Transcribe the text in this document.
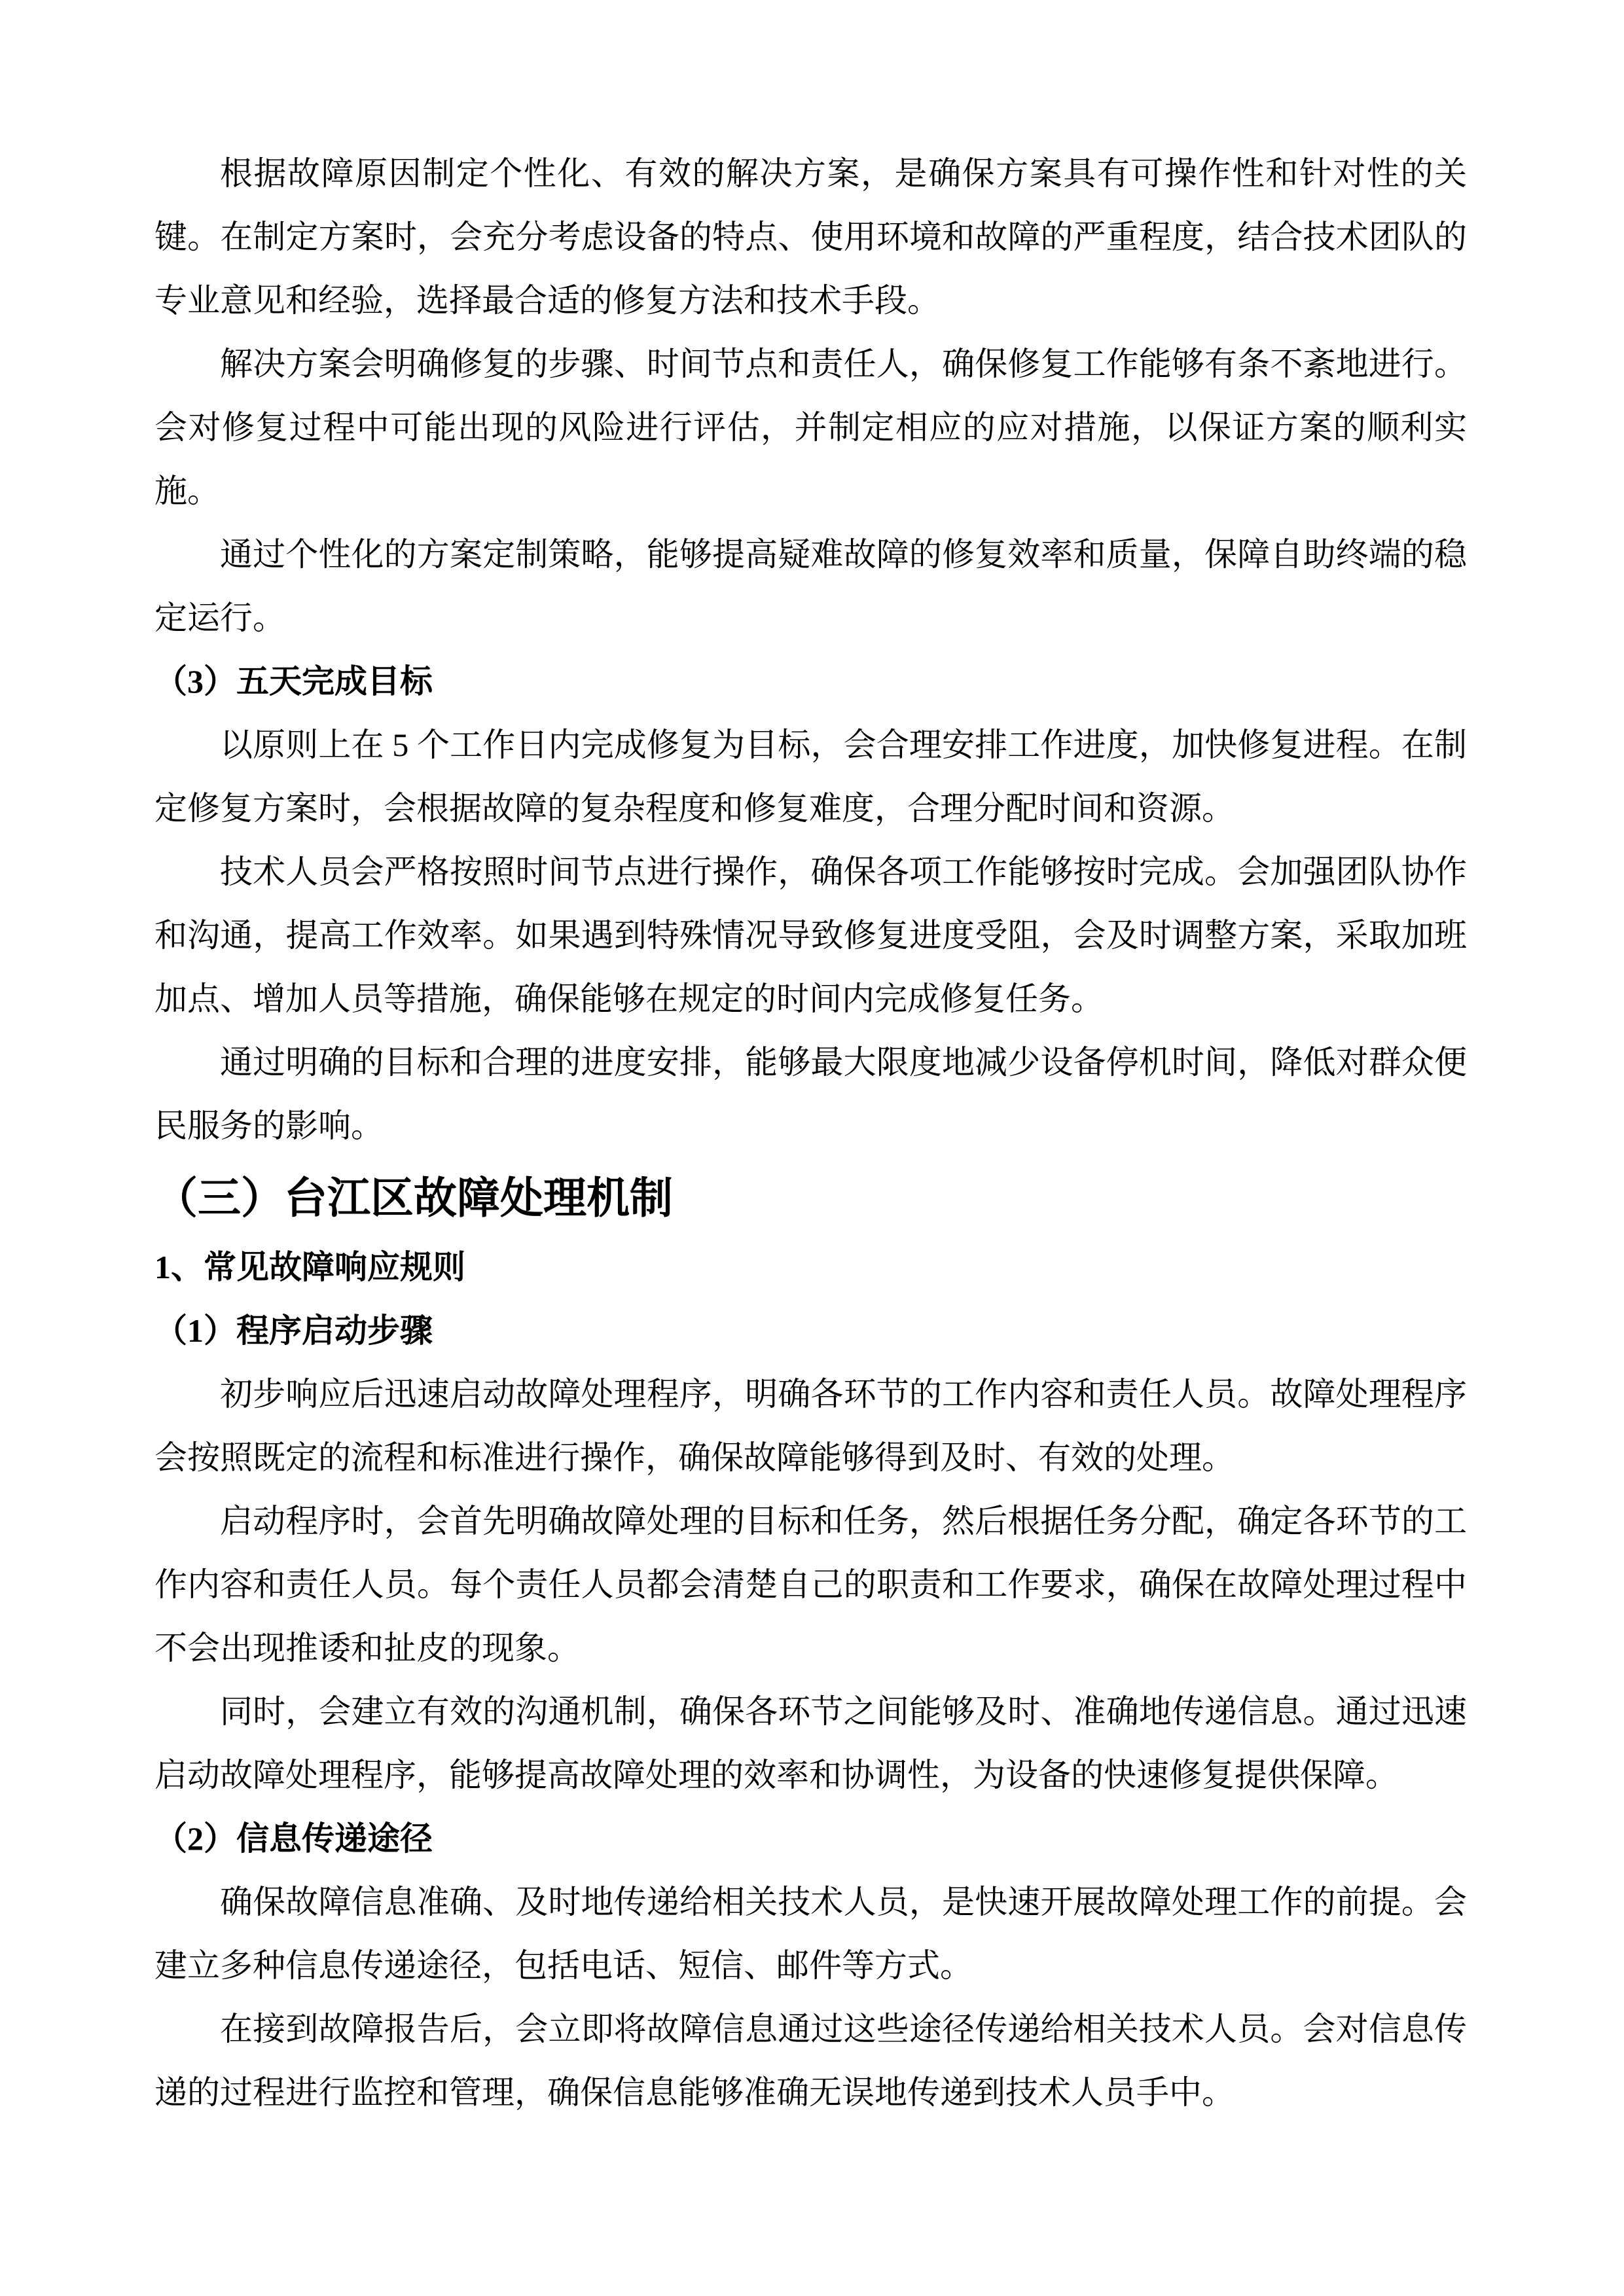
根据故障原因制定个性化、有效的解决方案，是确保方案具有可操作性和针对性的关键。在制定方案时，会充分考虑设备的特点、使用环境和故障的严重程度，结合技术团队的专业意见和经验，选择最合适的修复方法和技术手段。

解决方案会明确修复的步骤、时间节点和责任人，确保修复工作能够有条不紊地进行。会对修复过程中可能出现的风险进行评估，并制定相应的应对措施，以保证方案的顺利实施。

通过个性化的方案定制策略，能够提高疑难故障的修复效率和质量，保障自助终端的稳定运行。

（3）五天完成目标

以原则上在 5 个工作日内完成修复为目标，会合理安排工作进度，加快修复进程。在制定修复方案时，会根据故障的复杂程度和修复难度，合理分配时间和资源。

技术人员会严格按照时间节点进行操作，确保各项工作能够按时完成。会加强团队协作和沟通，提高工作效率。如果遇到特殊情况导致修复进度受阻，会及时调整方案，采取加班加点、增加人员等措施，确保能够在规定的时间内完成修复任务。

通过明确的目标和合理的进度安排，能够最大限度地减少设备停机时间，降低对群众便民服务的影响。

（三）台江区故障处理机制
1、常见故障响应规则
（1）程序启动步骤

初步响应后迅速启动故障处理程序，明确各环节的工作内容和责任人员。故障处理程序会按照既定的流程和标准进行操作，确保故障能够得到及时、有效的处理。

启动程序时，会首先明确故障处理的目标和任务，然后根据任务分配，确定各环节的工作内容和责任人员。每个责任人员都会清楚自己的职责和工作要求，确保在故障处理过程中不会出现推诿和扯皮的现象。

同时，会建立有效的沟通机制，确保各环节之间能够及时、准确地传递信息。通过迅速启动故障处理程序，能够提高故障处理的效率和协调性，为设备的快速修复提供保障。

（2）信息传递途径

确保故障信息准确、及时地传递给相关技术人员，是快速开展故障处理工作的前提。会建立多种信息传递途径，包括电话、短信、邮件等方式。

在接到故障报告后，会立即将故障信息通过这些途径传递给相关技术人员。会对信息传递的过程进行监控和管理，确保信息能够准确无误地传递到技术人员手中。
